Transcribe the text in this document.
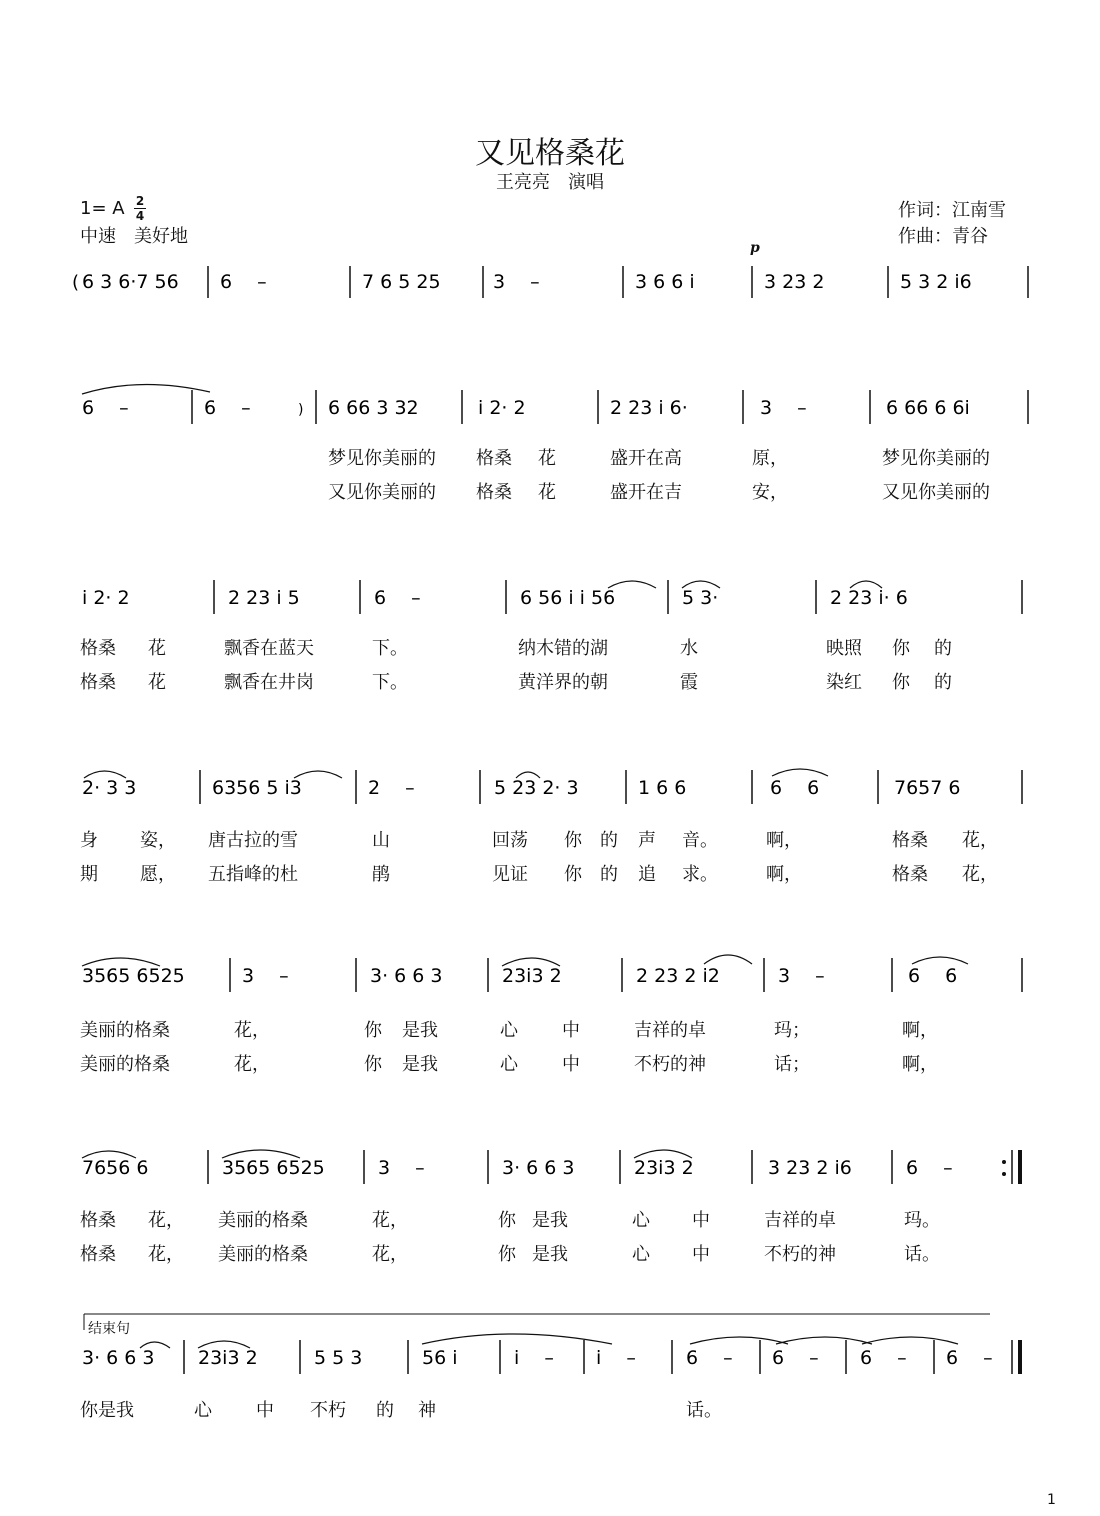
又见格桑花
王亮亮　演唱
1= A 2
4
中速　美好地
作词：江南雪
作曲：青谷
p
( 6 3 6·7 56 6　 –	7 6 5 25	3　 –	3 6 6 i	3 23 2	5 3 2 i6
6　 –	6　 –	) 6 66 3 32	i 2· 2	2 23 i 6·	3　 –	6 66 6 6i
梦见你美丽的 格桑 花	盛开在高	原，	梦见你美丽的
又见你美丽的 格桑 花	盛开在吉	安，	又见你美丽的
i 2· 2	2 23 i 5	6　 –	6 56 i i 56	5 3·	2 23 i· 6
格桑 花	飘香在蓝天	下。	纳木错的湖	水	映照 你 的
格桑 花	飘香在井岗	下。	黄洋界的朝	霞	染红 你 的
2· 3 3	6356 5 i3	2　 –	5 23 2· 3	1 6 6	6　 6	7657 6
身 姿， 唐古拉的雪	山	回荡 你 的 声 音。	啊，	格桑 花，
期 愿， 五指峰的杜	鹃	见证 你 的 追 求。	啊，	格桑 花，
3565 6525	3　 –	3· 6 6 3	23i3 2	2 23 2 i2	3　 –	6　 6
美丽的格桑	花，	你 是我	心 中	吉祥的卓	玛；	啊，
美丽的格桑	花，	你 是我	心 中	不朽的神	话；	啊，
7656 6	3565 6525	3　 –	3· 6 6 3	23i3 2	3 23 2 i6	6　 –
格桑 花， 美丽的格桑	花，	你 是我	心 中	吉祥的卓	玛。
格桑 花， 美丽的格桑	花，	你 是我	心 中	不朽的神	话。
结束句
3· 6 6 3 23i3 2	5 5 3	56 i	i　 – i　 –	6　 – 6　 – 6　 – 6　 –
你是我	心 中 不朽 的 神	话。
1
